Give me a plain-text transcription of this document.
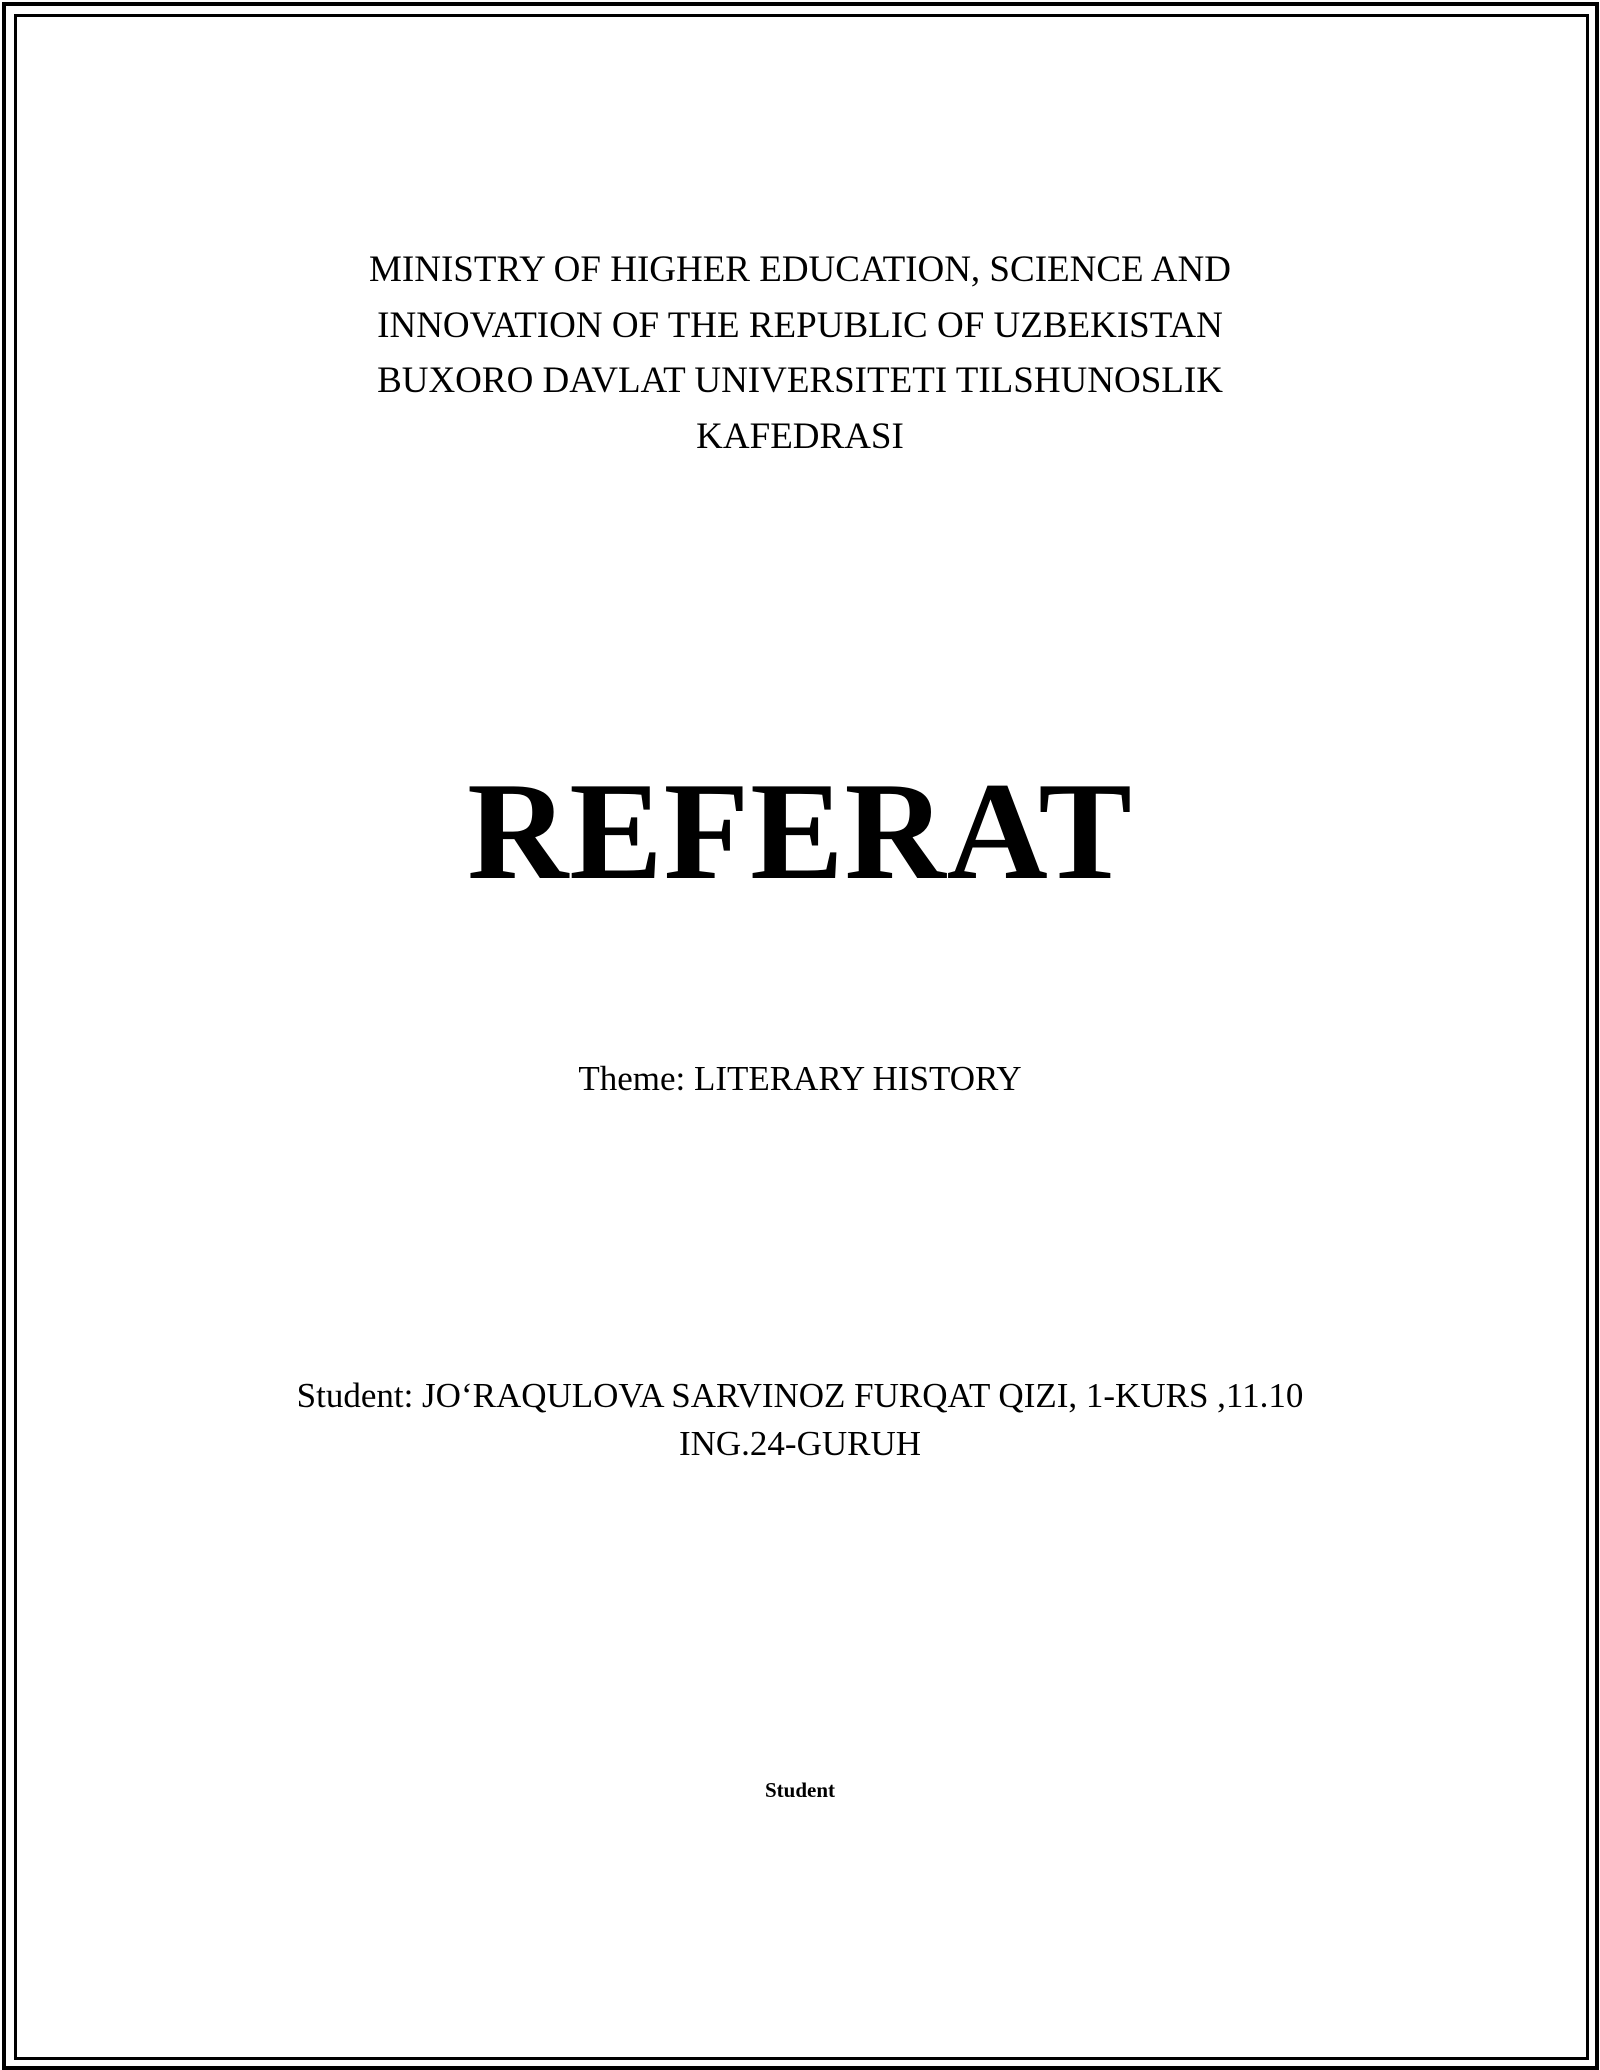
MINISTRY OF HIGHER EDUCATION, SCIENCE AND
INNOVATION OF THE REPUBLIC OF UZBEKISTAN
BUXORO DAVLAT UNIVERSITETI TILSHUNOSLIK
KAFEDRASI
REFERAT
Theme: LITERARY HISTORY
Student: JO‘RAQULOVA SARVINOZ FURQAT QIZI, 1-KURS ,11.10
ING.24-GURUH
Student
